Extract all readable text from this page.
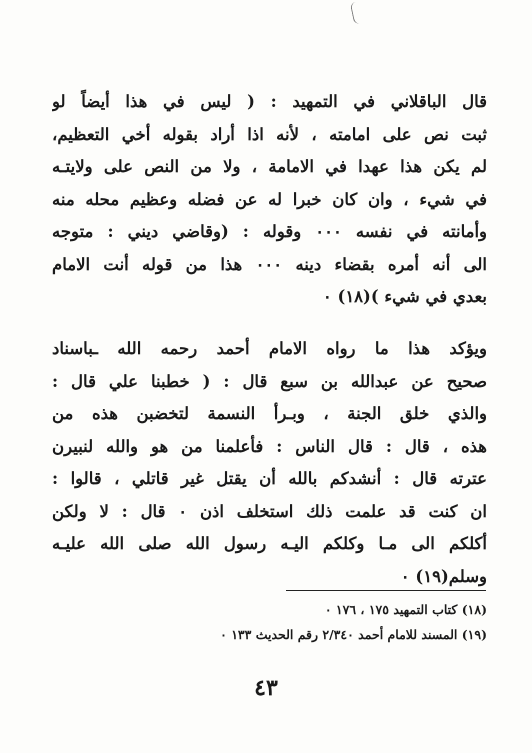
قال الباقلاني في التمهيد : ( ليس في هذا أيضاً لو
ثبت نص على امامته ، لأنه اذا أراد بقوله أخي التعظيم،
لم يكن هذا عهدا في الامامة ، ولا من النص على ولايتـه
في شيء ، وان كان خبرا له عن فضله وعظيم محله منه
وأمانته في نفسه ٠٠٠ وقوله : (وقاضي ديني : متوجه
الى أنه أمره بقضاء دينه ٠٠٠ هذا من قوله أنت الامام
بعدي في شيء )(١٨) ٠
ويؤكد هذا ما رواه الامام أحمد رحمه الله ـباسناد
صحيح عن عبدالله بن سبع قال : ( خطبنا علي قال :
والذي خلق الجنة ، وبـرأ النسمة لتخضبن هذه من
هذه ، قال : قال الناس : فأعلمنا من هو والله لنبيرن
عترته قال : أنشدكم بالله أن يقتل غير قاتلي ، قالوا :
ان كنت قد علمت ذلك استخلف اذن ٠ قال : لا ولكن
أكلكم الى مـا وكلكم اليـه رسول الله صلى الله عليـه
وسلم(١٩) ٠
(١٨) كتاب التمهيد ١٧٥ ، ١٧٦ ٠
(١٩) المسند للامام أحمد ٢/٣٤٠ رقم الحديث ١٣٣ ٠
٤٣
